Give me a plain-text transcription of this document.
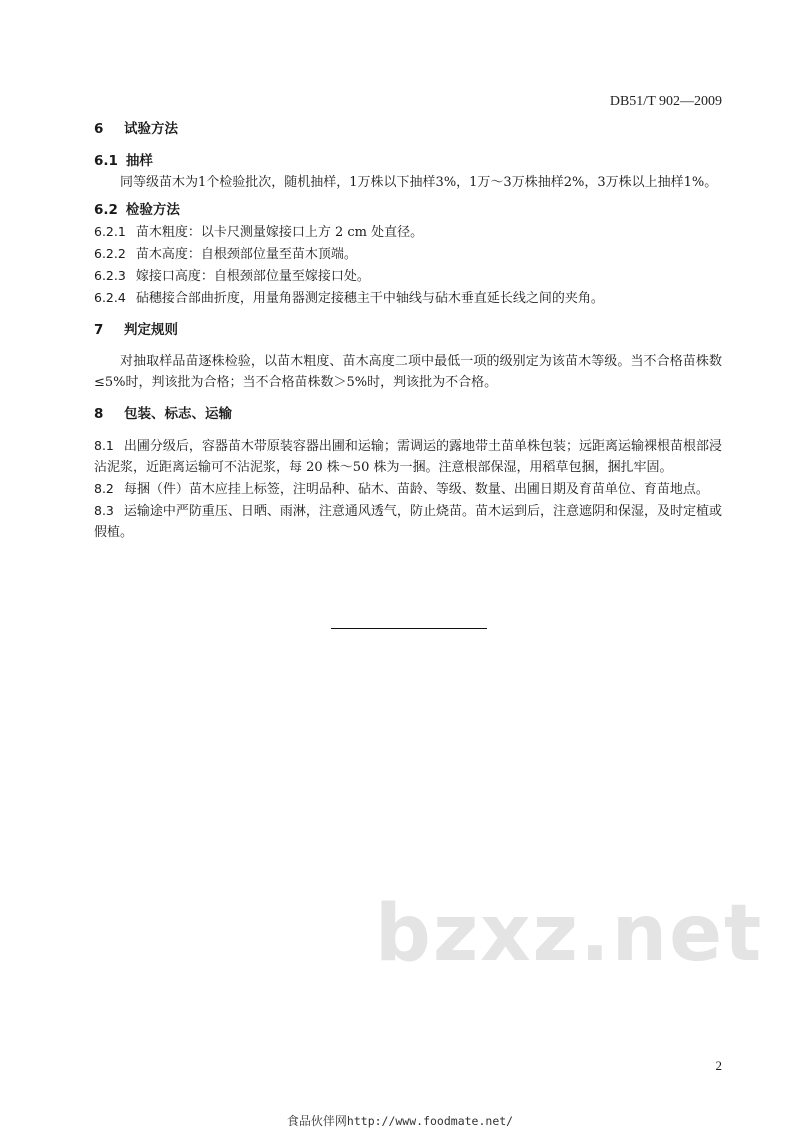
DB51/T 902—2009
6 试验方法
6.1 抽样

同等级苗木为1个检验批次，随机抽样，1万株以下抽样3%，1万～3万株抽样2%，3万株以上抽样1%。

6.2 检验方法

6.2.1 苗木粗度：以卡尺测量嫁接口上方 2 cm 处直径。

6.2.2 苗木高度：自根颈部位量至苗木顶端。

6.2.3 嫁接口高度：自根颈部位量至嫁接口处。

6.2.4 砧穗接合部曲折度，用量角器测定接穗主干中轴线与砧木垂直延长线之间的夹角。

7 判定规则

对抽取样品苗逐株检验，以苗木粗度、苗木高度二项中最低一项的级别定为该苗木等级。当不合格苗株数≤5%时，判该批为合格；当不合格苗株数＞5%时，判该批为不合格。

8 包装、标志、运输

8.1 出圃分级后，容器苗木带原装容器出圃和运输；需调运的露地带土苗单株包装；远距离运输裸根苗根部浸沾泥浆，近距离运输可不沾泥浆，每 20 株～50 株为一捆。注意根部保湿，用稻草包捆，捆扎牢固。

8.2 每捆（件）苗木应挂上标签，注明品种、砧木、苗龄、等级、数量、出圃日期及育苗单位、育苗地点。

8.3 运输途中严防重压、日晒、雨淋，注意通风透气，防止烧苗。苗木运到后，注意遮阴和保湿，及时定植或假植。

bzxz.net
2
食品伙伴网http://www.foodmate.net/
